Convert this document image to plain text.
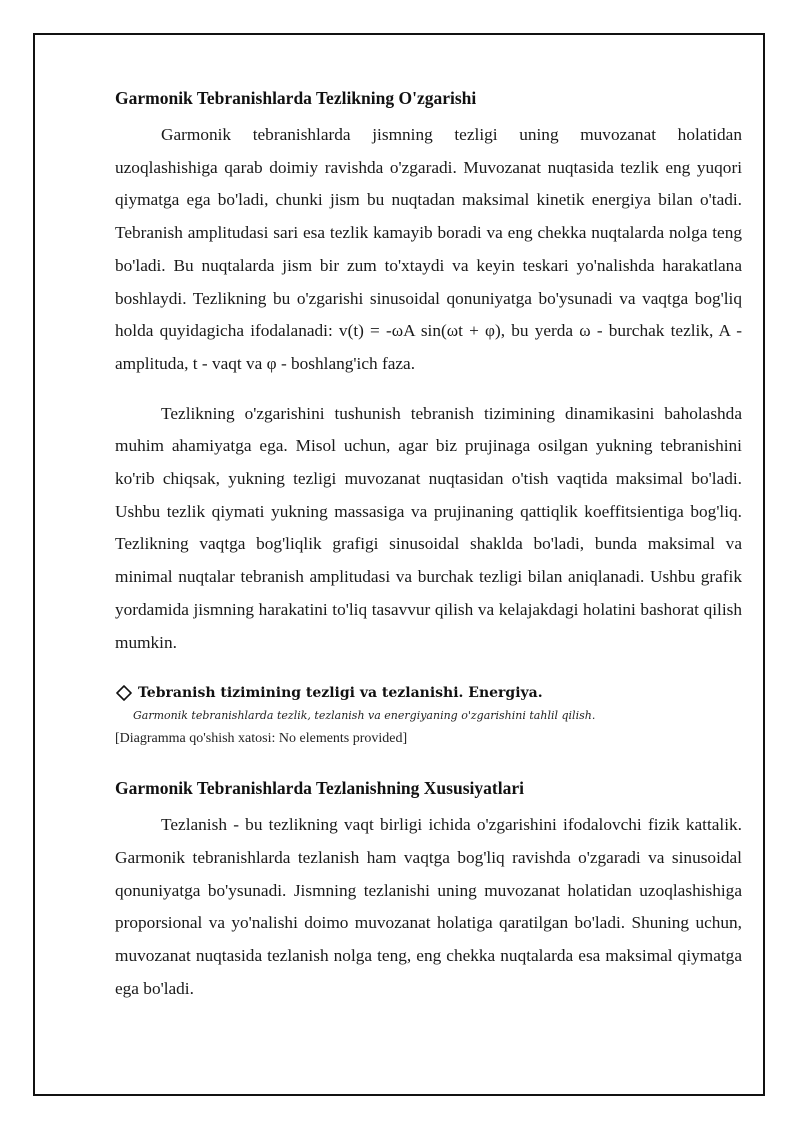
Garmonik Tebranishlarda Tezlikning O'zgarishi

Garmonik tebranishlarda jismning tezligi uning muvozanat holatidan uzoqlashishiga qarab doimiy ravishda o'zgaradi. Muvozanat nuqtasida tezlik eng yuqori qiymatga ega bo'ladi, chunki jism bu nuqtadan maksimal kinetik energiya bilan o'tadi. Tebranish amplitudasi sari esa tezlik kamayib boradi va eng chekka nuqtalarda nolga teng bo'ladi. Bu nuqtalarda jism bir zum to'xtaydi va keyin teskari yo'nalishda harakatlana boshlaydi. Tezlikning bu o'zgarishi sinusoidal qonuniyatga bo'ysunadi va vaqtga bog'liq holda quyidagicha ifodalanadi: v(t) = -ωA sin(ωt + φ), bu yerda ω - burchak tezlik, A - amplituda, t - vaqt va φ - boshlang'ich faza.

Tezlikning o'zgarishini tushunish tebranish tizimining dinamikasini baholashda muhim ahamiyatga ega. Misol uchun, agar biz prujinaga osilgan yukning tebranishini ko'rib chiqsak, yukning tezligi muvozanat nuqtasidan o'tish vaqtida maksimal bo'ladi. Ushbu tezlik qiymati yukning massasiga va prujinaning qattiqlik koeffitsientiga bog'liq. Tezlikning vaqtga bog'liqlik grafigi sinusoidal shaklda bo'ladi, bunda maksimal va minimal nuqtalar tebranish amplitudasi va burchak tezligi bilan aniqlanadi. Ushbu grafik yordamida jismning harakatini to'liq tasavvur qilish va kelajakdagi holatini bashorat qilish mumkin.

Tebranish tizimining tezligi va tezlanishi. Energiya.
Garmonik tebranishlarda tezlik, tezlanish va energiyaning o'zgarishini tahlil qilish.
[Diagramma qo'shish xatosi: No elements provided]
Garmonik Tebranishlarda Tezlanishning Xususiyatlari

Tezlanish - bu tezlikning vaqt birligi ichida o'zgarishini ifodalovchi fizik kattalik. Garmonik tebranishlarda tezlanish ham vaqtga bog'liq ravishda o'zgaradi va sinusoidal qonuniyatga bo'ysunadi. Jismning tezlanishi uning muvozanat holatidan uzoqlashishiga proporsional va yo'nalishi doimo muvozanat holatiga qaratilgan bo'ladi. Shuning uchun, muvozanat nuqtasida tezlanish nolga teng, eng chekka nuqtalarda esa maksimal qiymatga ega bo'ladi.
